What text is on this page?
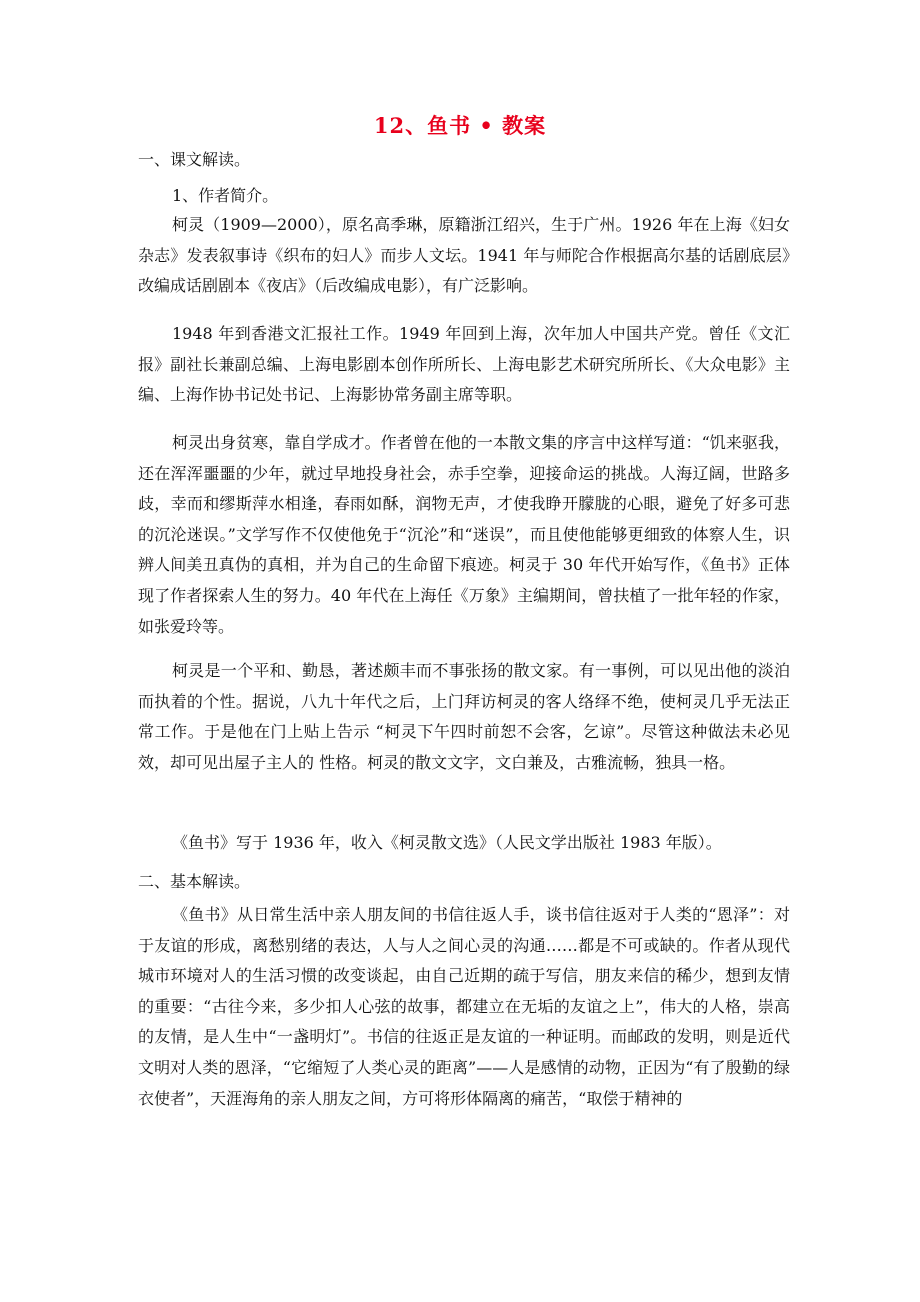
12、鱼书 • 教案
一、课文解读。
1、作者简介。

柯灵（1909—2000），原名高季琳，原籍浙江绍兴，生于广州。1926 年在上海《妇女杂志》发表叙事诗《织布的妇人》而步人文坛。1941 年与师陀合作根据高尔基的话剧底层》改编成话剧剧本《夜店》（后改编成电影），有广泛影响。

1948 年到香港文汇报社工作。1949 年回到上海，次年加人中国共产党。曾任《文汇报》副社长兼副总编、上海电影剧本创作所所长、上海电影艺术研究所所长、《大众电影》主编、上海作协书记处书记、上海影协常务副主席等职。

柯灵出身贫寒，靠自学成才。作者曾在他的一本散文集的序言中这样写道：“饥来驱我，还在浑浑噩噩的少年，就过早地投身社会，赤手空拳，迎接命运的挑战。人海辽阔，世路多歧，幸而和缪斯萍水相逢，春雨如酥，润物无声，才使我睁开朦胧的心眼，避免了好多可悲的沉沦迷误。”文学写作不仅使他免于“沉沦”和“迷误”，而且使他能够更细致的体察人生，识辨人间美丑真伪的真相，并为自己的生命留下痕迹。柯灵于 30 年代开始写作，《鱼书》正体现了作者探索人生的努力。40 年代在上海任《万象》主编期间，曾扶植了一批年轻的作家，如张爱玲等。

柯灵是一个平和、勤恳，著述颇丰而不事张扬的散文家。有一事例，可以见出他的淡泊而执着的个性。据说，八九十年代之后，上门拜访柯灵的客人络绎不绝，使柯灵几乎无法正常工作。于是他在门上贴上告示 “柯灵下午四时前恕不会客，乞谅”。尽管这种做法未必见效，却可见出屋子主人的 性格。柯灵的散文文字，文白兼及，古雅流畅，独具一格。

《鱼书》写于 1936 年，收入《柯灵散文选》（人民文学出版社 1983 年版）。

二、基本解读。

《鱼书》从日常生活中亲人朋友间的书信往返人手，谈书信往返对于人类的“恩泽”：对于友谊的形成，离愁别绪的表达，人与人之间心灵的沟通……都是不可或缺的。作者从现代城市环境对人的生活习惯的改变谈起，由自己近期的疏于写信，朋友来信的稀少，想到友情的重要：“古往今来，多少扣人心弦的故事，都建立在无垢的友谊之上”，伟大的人格，崇高的友情，是人生中“一盏明灯”。书信的往返正是友谊的一种证明。而邮政的发明，则是近代文明对人类的恩泽，“它缩短了人类心灵的距离”——人是感情的动物，正因为“有了殷勤的绿衣使者”，天涯海角的亲人朋友之间，方可将形体隔离的痛苦，“取偿于精神的
